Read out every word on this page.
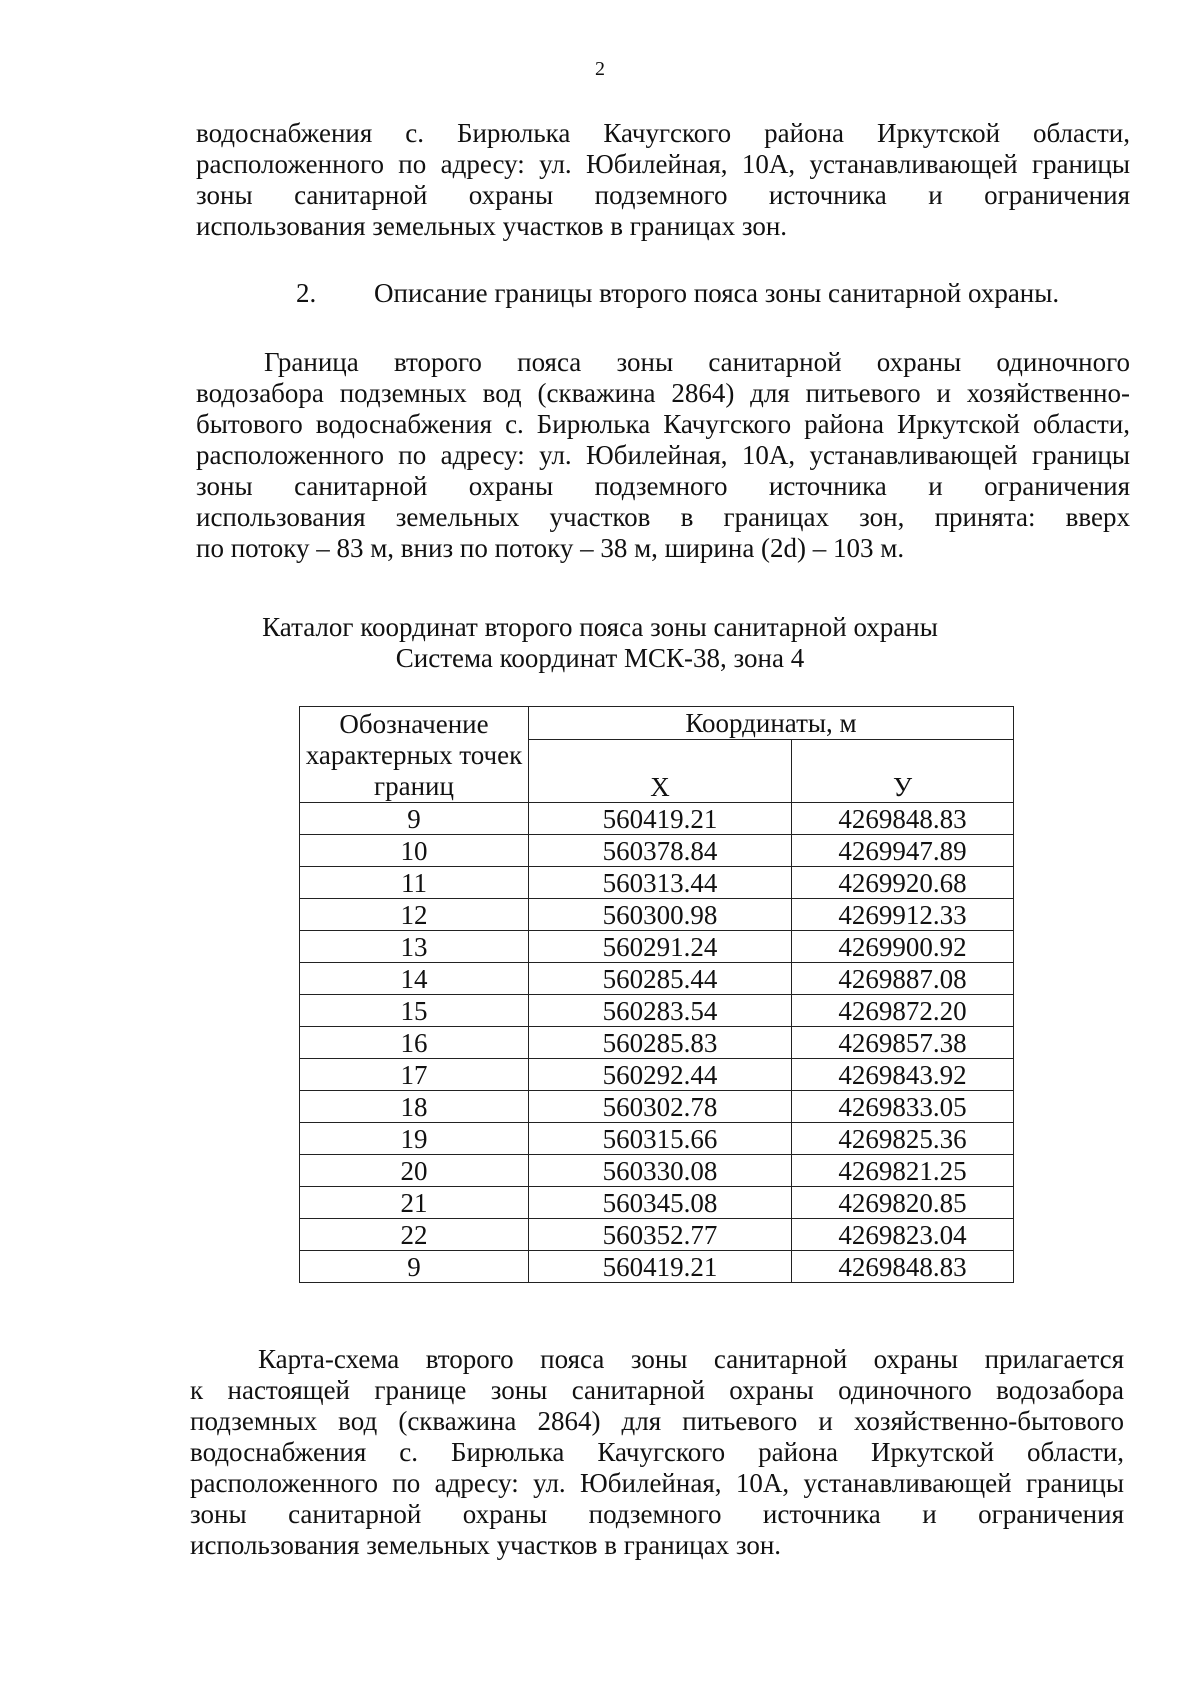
2
водоснабжения с. Бирюлька Качугского района Иркутской области,
расположенного по адресу: ул. Юбилейная, 10А, устанавливающей границы
зоны санитарной охраны подземного источника и ограничения
использования земельных участков в границах зон.
2. Описание границы второго пояса зоны санитарной охраны.
Граница второго пояса зоны санитарной охраны одиночного
водозабора подземных вод (скважина 2864) для питьевого и хозяйственно-
бытового водоснабжения с. Бирюлька Качугского района Иркутской области,
расположенного по адресу: ул. Юбилейная, 10А, устанавливающей границы
зоны санитарной охраны подземного источника и ограничения
использования земельных участков в границах зон, принята: вверх
по потоку – 83 м, вниз по потоку – 38 м, ширина (2d) – 103 м.
Каталог координат второго пояса зоны санитарной охраны
Система координат МСК-38, зона 4
Обозначение характерных точек границ	Координаты, м	
	X	У
9	560419.21	4269848.83
10	560378.84	4269947.89
11	560313.44	4269920.68
12	560300.98	4269912.33
13	560291.24	4269900.92
14	560285.44	4269887.08
15	560283.54	4269872.20
16	560285.83	4269857.38
17	560292.44	4269843.92
18	560302.78	4269833.05
19	560315.66	4269825.36
20	560330.08	4269821.25
21	560345.08	4269820.85
22	560352.77	4269823.04
9	560419.21	4269848.83
Карта-схема второго пояса зоны санитарной охраны прилагается
к настоящей границе зоны санитарной охраны одиночного водозабора
подземных вод (скважина 2864) для питьевого и хозяйственно-бытового
водоснабжения с. Бирюлька Качугского района Иркутской области,
расположенного по адресу: ул. Юбилейная, 10А, устанавливающей границы
зоны санитарной охраны подземного источника и ограничения
использования земельных участков в границах зон.
